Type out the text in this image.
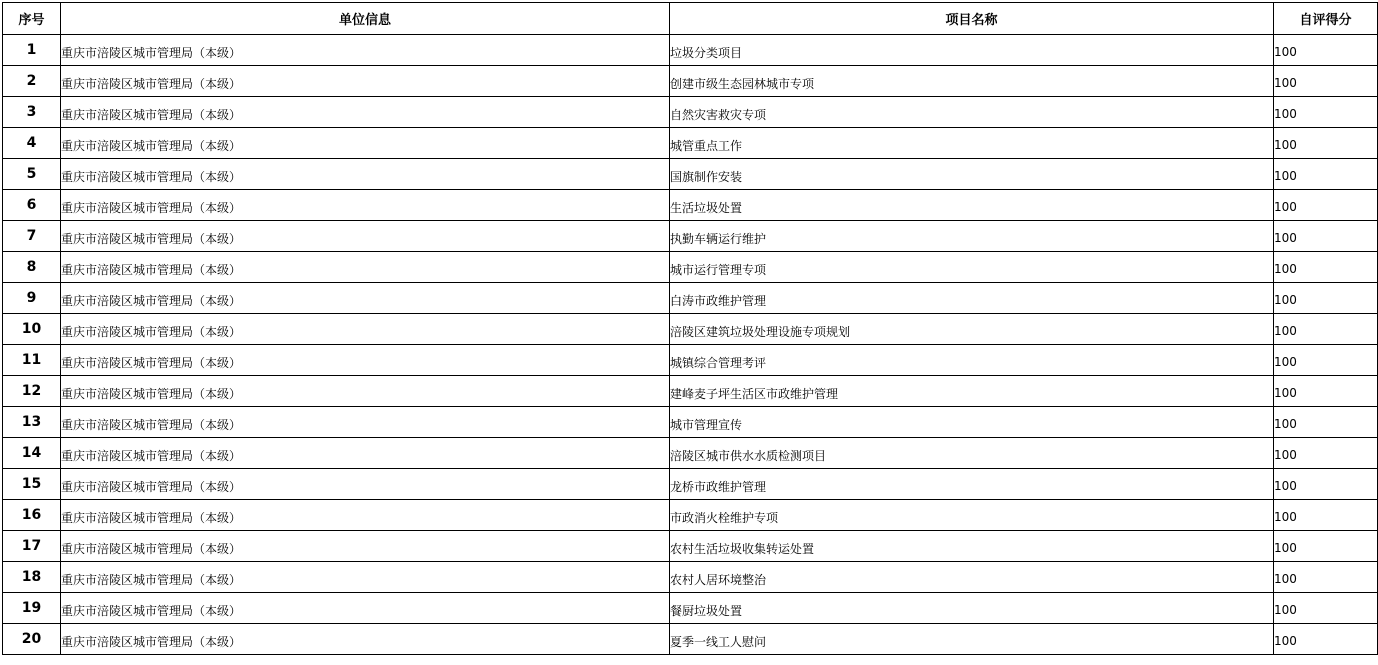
序号	单位信息	项目名称	自评得分
1	重庆市涪陵区城市管理局（本级）	垃圾分类项目	100
2	重庆市涪陵区城市管理局（本级）	创建市级生态园林城市专项	100
3	重庆市涪陵区城市管理局（本级）	自然灾害救灾专项	100
4	重庆市涪陵区城市管理局（本级）	城管重点工作	100
5	重庆市涪陵区城市管理局（本级）	国旗制作安装	100
6	重庆市涪陵区城市管理局（本级）	生活垃圾处置	100
7	重庆市涪陵区城市管理局（本级）	执勤车辆运行维护	100
8	重庆市涪陵区城市管理局（本级）	城市运行管理专项	100
9	重庆市涪陵区城市管理局（本级）	白涛市政维护管理	100
10	重庆市涪陵区城市管理局（本级）	涪陵区建筑垃圾处理设施专项规划	100
11	重庆市涪陵区城市管理局（本级）	城镇综合管理考评	100
12	重庆市涪陵区城市管理局（本级）	建峰麦子坪生活区市政维护管理	100
13	重庆市涪陵区城市管理局（本级）	城市管理宣传	100
14	重庆市涪陵区城市管理局（本级）	涪陵区城市供水水质检测项目	100
15	重庆市涪陵区城市管理局（本级）	龙桥市政维护管理	100
16	重庆市涪陵区城市管理局（本级）	市政消火栓维护专项	100
17	重庆市涪陵区城市管理局（本级）	农村生活垃圾收集转运处置	100
18	重庆市涪陵区城市管理局（本级）	农村人居环境整治	100
19	重庆市涪陵区城市管理局（本级）	餐厨垃圾处置	100
20	重庆市涪陵区城市管理局（本级）	夏季一线工人慰问	100
